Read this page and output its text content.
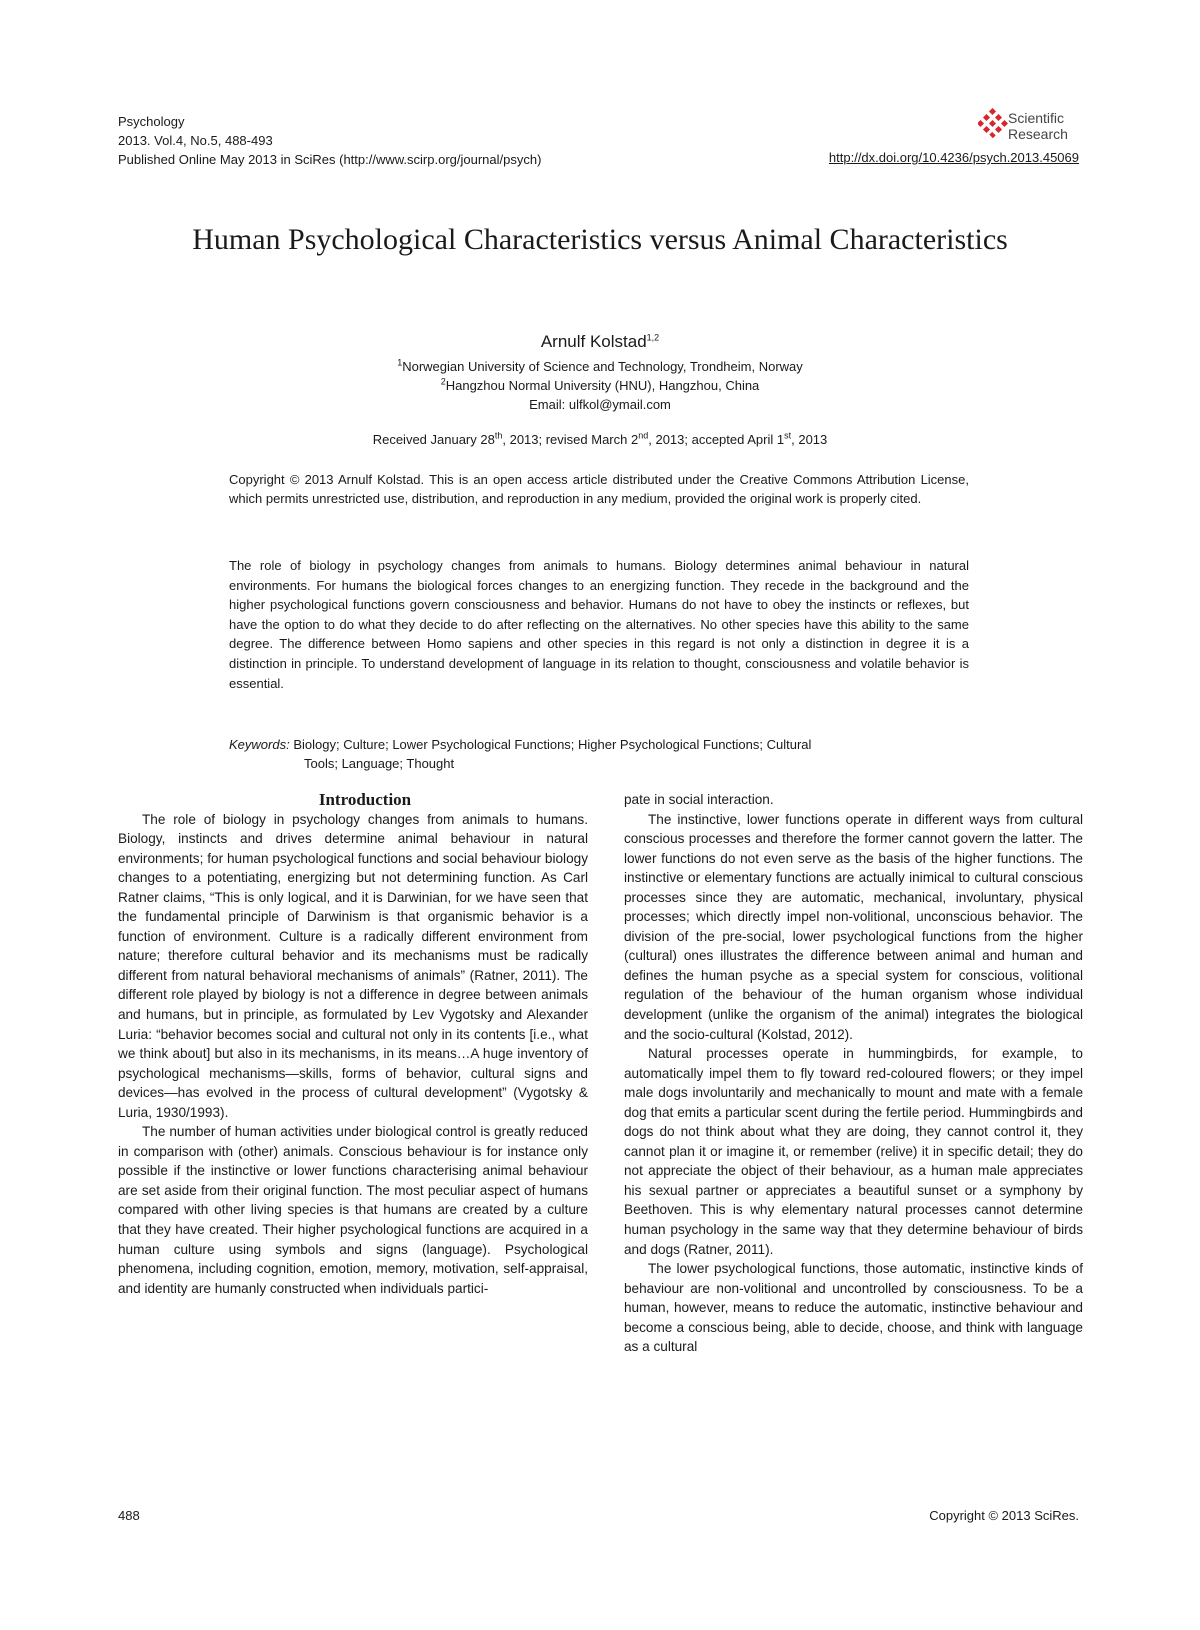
Psychology
2013. Vol.4, No.5, 488-493
Published Online May 2013 in SciRes (http://www.scirp.org/journal/psych)
Scientific
Research
http://dx.doi.org/10.4236/psych.2013.45069
Human Psychological Characteristics versus Animal Characteristics
Arnulf Kolstad$^{1,2}$
$^1$Norwegian University of Science and Technology, Trondheim, Norway
$^2$Hangzhou Normal University (HNU), Hangzhou, China
Email: ulfkol@ymail.com
Received January 28th, 2013; revised March 2nd, 2013; accepted April 1st, 2013
Copyright © 2013 Arnulf Kolstad. This is an open access article distributed under the Creative Commons Attribution License, which permits unrestricted use, distribution, and reproduction in any medium, provided the original work is properly cited.
The role of biology in psychology changes from animals to humans. Biology determines animal behaviour in natural environments. For humans the biological forces changes to an energizing function. They recede in the background and the higher psychological functions govern consciousness and behavior. Humans do not have to obey the instincts or reflexes, but have the option to do what they decide to do after reflecting on the alternatives. No other species have this ability to the same degree. The difference between Homo sapiens and other species in this regard is not only a distinction in degree it is a distinction in principle. To understand development of language in its relation to thought, consciousness and volatile behavior is essential.
Keywords: Biology; Culture; Lower Psychological Functions; Higher Psychological Functions; Cultural
Tools; Language; Thought

Introduction

The role of biology in psychology changes from animals to humans. Biology, instincts and drives determine animal behaviour in natural environments; for human psychological functions and social behaviour biology changes to a potentiating, energizing but not determining function. As Carl Ratner claims, “This is only logical, and it is Darwinian, for we have seen that the fundamental principle of Darwinism is that organismic behavior is a function of environment. Culture is a radically different environment from nature; therefore cultural behavior and its mechanisms must be radically different from natural behavioral mechanisms of animals” (Ratner, 2011). The different role played by biology is not a difference in degree between animals and humans, but in principle, as formulated by Lev Vygotsky and Alexander Luria: “behavior becomes social and cultural not only in its contents [i.e., what we think about] but also in its mechanisms, in its means…A huge inventory of psychological mechanisms—skills, forms of behavior, cultural signs and devices—has evolved in the process of cultural development” (Vygotsky & Luria, 1930/1993).

The number of human activities under biological control is greatly reduced in comparison with (other) animals. Conscious behaviour is for instance only possible if the instinctive or lower functions characterising animal behaviour are set aside from their original function. The most peculiar aspect of humans compared with other living species is that humans are created by a culture that they have created. Their higher psychological functions are acquired in a human culture using symbols and signs (language). Psychological phenomena, including cognition, emotion, memory, motivation, self-appraisal, and identity are humanly constructed when individuals partici-

pate in social interaction.

The instinctive, lower functions operate in different ways from cultural conscious processes and therefore the former cannot govern the latter. The lower functions do not even serve as the basis of the higher functions. The instinctive or elementary functions are actually inimical to cultural conscious processes since they are automatic, mechanical, involuntary, physical processes; which directly impel non-volitional, unconscious behavior. The division of the pre-social, lower psychological functions from the higher (cultural) ones illustrates the difference between animal and human and defines the human psyche as a special system for conscious, volitional regulation of the behaviour of the human organism whose individual development (unlike the organism of the animal) integrates the biological and the socio-cultural (Kolstad, 2012).

Natural processes operate in hummingbirds, for example, to automatically impel them to fly toward red-coloured flowers; or they impel male dogs involuntarily and mechanically to mount and mate with a female dog that emits a particular scent during the fertile period. Hummingbirds and dogs do not think about what they are doing, they cannot control it, they cannot plan it or imagine it, or remember (relive) it in specific detail; they do not appreciate the object of their behaviour, as a human male appreciates his sexual partner or appreciates a beautiful sunset or a symphony by Beethoven. This is why elementary natural processes cannot determine human psychology in the same way that they determine behaviour of birds and dogs (Ratner, 2011).

The lower psychological functions, those automatic, instinctive kinds of behaviour are non-volitional and uncontrolled by consciousness. To be a human, however, means to reduce the automatic, instinctive behaviour and become a conscious being, able to decide, choose, and think with language as a cultural

488	Copyright © 2013 SciRes.
